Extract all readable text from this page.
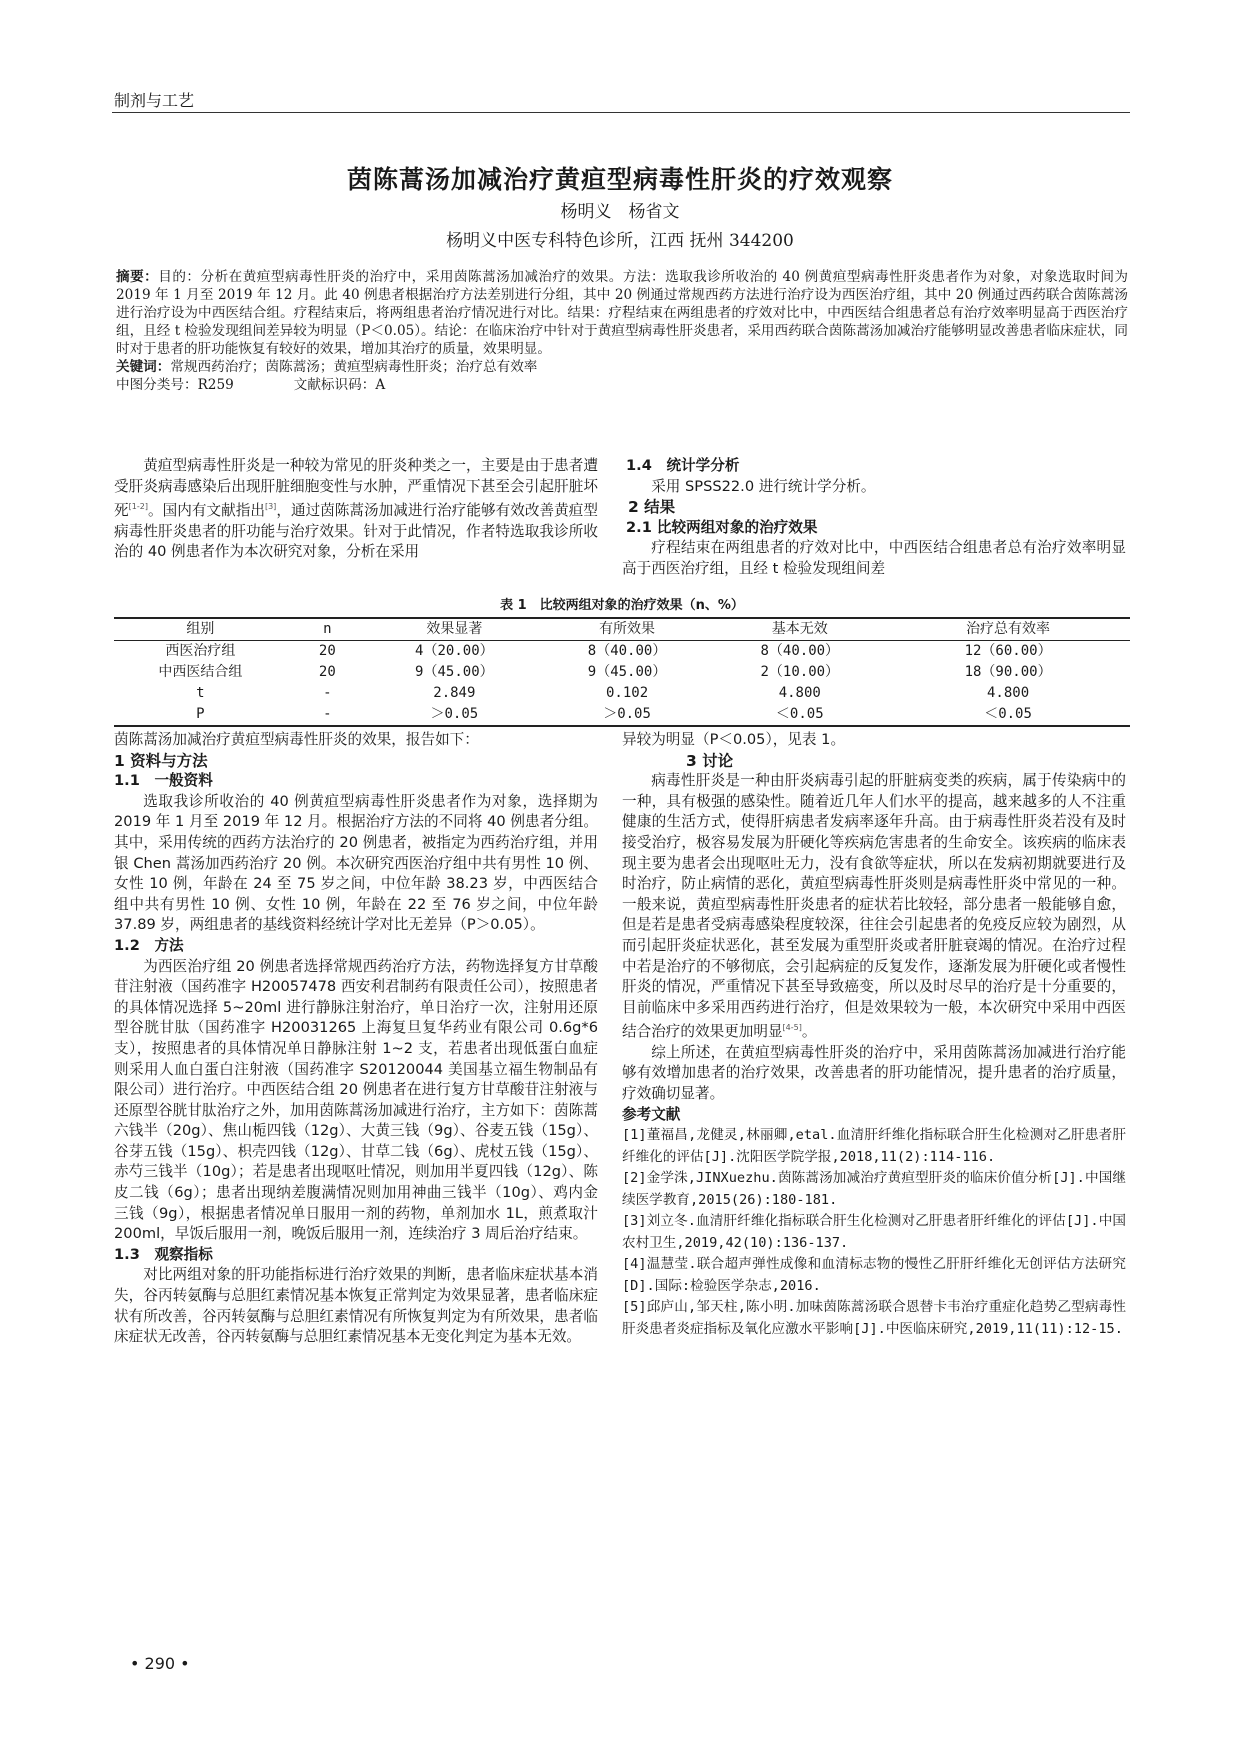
制剂与工艺
茵陈蒿汤加减治疗黄疸型病毒性肝炎的疗效观察
杨明义　杨省文
杨明义中医专科特色诊所，江西 抚州 344200

摘要：目的：分析在黄疸型病毒性肝炎的治疗中，采用茵陈蒿汤加减治疗的效果。方法：选取我诊所收治的 40 例黄疸型病毒性肝炎患者作为对象，对象选取时间为 2019 年 1 月至 2019 年 12 月。此 40 例患者根据治疗方法差别进行分组，其中 20 例通过常规西药方法进行治疗设为西医治疗组，其中 20 例通过西药联合茵陈蒿汤进行治疗设为中西医结合组。疗程结束后，将两组患者治疗情况进行对比。结果：疗程结束在两组患者的疗效对比中，中西医结合组患者总有治疗效率明显高于西医治疗组，且经 t 检验发现组间差异较为明显（P＜0.05）。结论：在临床治疗中针对于黄疸型病毒性肝炎患者，采用西药联合茵陈蒿汤加减治疗能够明显改善患者临床症状，同时对于患者的肝功能恢复有较好的效果，增加其治疗的质量，效果明显。

关键词：常规西药治疗；茵陈蒿汤；黄疸型病毒性肝炎；治疗总有效率

中图分类号：R259	文献标识码：A

黄疸型病毒性肝炎是一种较为常见的肝炎种类之一，主要是由于患者遭受肝炎病毒感染后出现肝脏细胞变性与水肿，严重情况下甚至会引起肝脏坏死[1-2]。国内有文献指出[3]，通过茵陈蒿汤加减进行治疗能够有效改善黄疸型病毒性肝炎患者的肝功能与治疗效果。针对于此情况，作者特选取我诊所收治的 40 例患者作为本次研究对象，分析在采用

1.4　统计学分析

采用 SPSS22.0 进行统计学分析。

2 结果

2.1 比较两组对象的治疗效果

疗程结束在两组患者的疗效对比中，中西医结合组患者总有治疗效率明显高于西医治疗组，且经 t 检验发现组间差

表 1　比较两组对象的治疗效果（n、%）
组别	n	效果显著	有所效果	基本无效	治疗总有效率
西医治疗组	20	4（20.00）	8（40.00）	8（40.00）	12（60.00）
中西医结合组	20	9（45.00）	9（45.00）	2（10.00）	18（90.00）
t	-	2.849	0.102	4.800	4.800
P	-	＞0.05	＞0.05	＜0.05	＜0.05

茵陈蒿汤加减治疗黄疸型病毒性肝炎的效果，报告如下：

1 资料与方法

1.1　一般资料

选取我诊所收治的 40 例黄疸型病毒性肝炎患者作为对象，选择期为 2019 年 1 月至 2019 年 12 月。根据治疗方法的不同将 40 例患者分组。其中，采用传统的西药方法治疗的 20 例患者，被指定为西药治疗组，并用银 Chen 蒿汤加西药治疗 20 例。本次研究西医治疗组中共有男性 10 例、女性 10 例，年龄在 24 至 75 岁之间，中位年龄 38.23 岁，中西医结合组中共有男性 10 例、女性 10 例，年龄在 22 至 76 岁之间，中位年龄 37.89 岁，两组患者的基线资料经统计学对比无差异（P＞0.05）。

1.2　方法

为西医治疗组 20 例患者选择常规西药治疗方法，药物选择复方甘草酸苷注射液（国药准字 H20057478 西安利君制药有限责任公司），按照患者的具体情况选择 5~20ml 进行静脉注射治疗，单日治疗一次，注射用还原型谷胱甘肽（国药准字 H20031265 上海复旦复华药业有限公司 0.6g*6 支），按照患者的具体情况单日静脉注射 1~2 支，若患者出现低蛋白血症则采用人血白蛋白注射液（国药准字 S20120044 美国基立福生物制品有限公司）进行治疗。中西医结合组 20 例患者在进行复方甘草酸苷注射液与还原型谷胱甘肽治疗之外，加用茵陈蒿汤加减进行治疗，主方如下：茵陈蒿六钱半（20g）、焦山栀四钱（12g）、大黄三钱（9g）、谷麦五钱（15g）、谷芽五钱（15g）、枳壳四钱（12g）、甘草二钱（6g）、虎杖五钱（15g）、赤芍三钱半（10g）；若是患者出现呕吐情况，则加用半夏四钱（12g）、陈皮二钱（6g）；患者出现纳差腹满情况则加用神曲三钱半（10g）、鸡内金三钱（9g），根据患者情况单日服用一剂的药物，单剂加水 1L，煎煮取汁 200ml，早饭后服用一剂，晚饭后服用一剂，连续治疗 3 周后治疗结束。

1.3　观察指标

对比两组对象的肝功能指标进行治疗效果的判断，患者临床症状基本消失，谷丙转氨酶与总胆红素情况基本恢复正常判定为效果显著，患者临床症状有所改善，谷丙转氨酶与总胆红素情况有所恢复判定为有所效果，患者临床症状无改善，谷丙转氨酶与总胆红素情况基本无变化判定为基本无效。

异较为明显（P＜0.05），见表 1。

3 讨论

病毒性肝炎是一种由肝炎病毒引起的肝脏病变类的疾病，属于传染病中的一种，具有极强的感染性。随着近几年人们水平的提高，越来越多的人不注重健康的生活方式，使得肝病患者发病率逐年升高。由于病毒性肝炎若没有及时接受治疗，极容易发展为肝硬化等疾病危害患者的生命安全。该疾病的临床表现主要为患者会出现呕吐无力，没有食欲等症状，所以在发病初期就要进行及时治疗，防止病情的恶化，黄疸型病毒性肝炎则是病毒性肝炎中常见的一种。一般来说，黄疸型病毒性肝炎患者的症状若比较轻，部分患者一般能够自愈，但是若是患者受病毒感染程度较深，往往会引起患者的免疫反应较为剧烈，从而引起肝炎症状恶化，甚至发展为重型肝炎或者肝脏衰竭的情况。在治疗过程中若是治疗的不够彻底，会引起病症的反复发作，逐渐发展为肝硬化或者慢性肝炎的情况，严重情况下甚至导致癌变，所以及时尽早的治疗是十分重要的，目前临床中多采用西药进行治疗，但是效果较为一般，本次研究中采用中西医结合治疗的效果更加明显[4-5]。

综上所述，在黄疸型病毒性肝炎的治疗中，采用茵陈蒿汤加减进行治疗能够有效增加患者的治疗效果，改善患者的肝功能情况，提升患者的治疗质量，疗效确切显著。

参考文献

[1]董福昌,龙健灵,林丽卿,etal.血清肝纤维化指标联合肝生化检测对乙肝患者肝纤维化的评估[J].沈阳医学院学报,2018,11(2):114-116.

[2]金学洙,JINXuezhu.茵陈蒿汤加减治疗黄疸型肝炎的临床价值分析[J].中国继续医学教育,2015(26):180-181.

[3]刘立冬.血清肝纤维化指标联合肝生化检测对乙肝患者肝纤维化的评估[J].中国农村卫生,2019,42(10):136-137.

[4]温慧莹.联合超声弹性成像和血清标志物的慢性乙肝肝纤维化无创评估方法研究[D].国际:检验医学杂志,2016.

[5]邱庐山,邹天柱,陈小明.加味茵陈蒿汤联合恩替卡韦治疗重症化趋势乙型病毒性肝炎患者炎症指标及氧化应激水平影响[J].中医临床研究,2019,11(11):12-15.

• 290 •
